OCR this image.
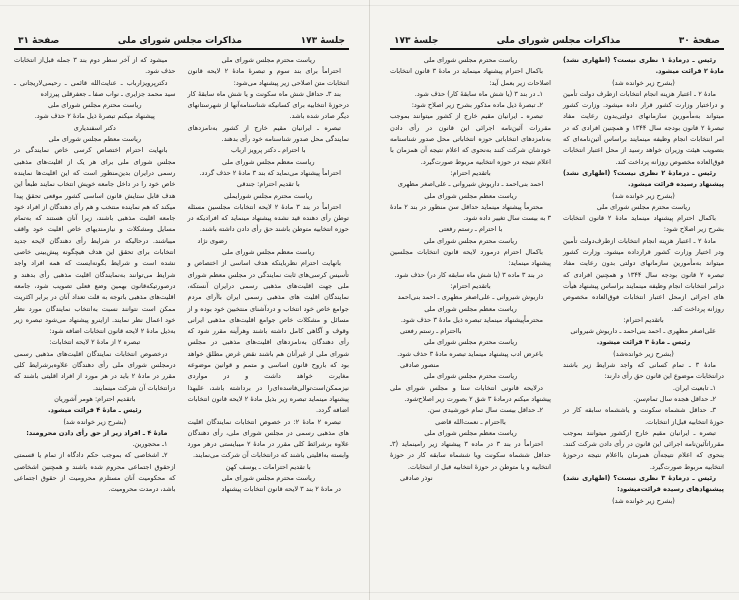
جلسهٔ ۱۷۳
مذاکرات مجلس شورای ملی
صفحهٔ ۳۱

ریاست محترم مجلس شورای ملی

احتراماً برای بند سوم و تبصرهٔ مادهٔ ۲ لایحه قانون انتخابات متن اصلاحی زیر پیشنهاد می‌شود:

بند ۳ـ حداقل شش ماه سکونت و یا شش ماه سابقهٔ کار درحوزهٔ انتخابیه برای کسانیکه شناسنامه‌آنها از شهرستانهای دیگر صادر شده باشد.

تبصره ـ ایرانیان مقیم خارج از کشور به‌نامزدهای نمایندگی محل صدور شناسنامه خود رأی بدهند.

با احترام ـ دکتر پرویز ارباب

ریاست معظم مجلس شورای ملی

احتراماً پیشنهاد می‌نماید که بند ۳ مادهٔ ۲ حذف گردد.

با تقدیم احترام: جندقی

ریاست محترم مجلس شورایملی

احتراماً در بند ۳ مادهٔ ۲ لایحه انتخابات مجلسین مسئله توطن رأی دهنده قید نشده پیشنهاد مینماید که افرادیکه در حوزه انتخابیه متوطن باشند حق رأی دادن داشته باشند.

رضوی نژاد

ریاست معظم مجلس شورای ملی

بانهایت احترام نظرباینکه هدف اساسی از اختصاص و تأسیس کرسی‌های ثابت نمایندگی در مجلس معظم شورای ملی جهت اقلیت‌های مذهبی رسمی درایران آنستکه، نمایندگان اقلیت های مذهبی رسمی ایران باآرای مردم جوامع خاص خود انتخاب و دردآشنای منتخبین خود بوده و از مسائل و مشکلات خاص جوامع اقلیت‌های مذهبی ایرانی وقوف و آگاهی کامل داشته باشند وهرآینه مقرر شود که رأی دهندگان به‌نامزدهای اقلیت‌های مذهبی در مجلس شورای ملی از غیرآنان هم باشند نقض غرض مطلق خواهد بود که باروح قانون اساسی و متمم و قوانین موضوعه مغایرت خواهد داشت و در مواردی نیزممکن‌است‌توالی‌فاسده‌ای‌را در برداشته باشد، علیهذا پیشنهاد مینماید تبصره زیر بذیل مادهٔ ۲ لایحه قانون انتخابات اضافه گردد.

تبصره ۲ مادهٔ ۲: در خصوص انتخابات نمایندگان اقلیت های مذهبی رسمی در مجلس شورای ملی، رأی دهندگان علاوه برشرائط کلی مقرر در مادهٔ ۲ میبایستی درهر مورد وابسته به‌اقلیتی باشند که درانتخابات آن شرکت می‌نمایند.

با تقدیم احترامات ـ یوسف کهن

ریاست محترم مجلس شورای ملی

در مادهٔ ۲ بند ۳ لایحه قانون انتخابات پیشنهاد

میشود که از آخر سطر دوم بند ۳ جمله قبل‌از انتخابات حذف شود.

دکترپرویزارباب ـ عنایت‌الله قائمی ـ رحیمی‌لاریجانی ـ سید محمد جزایری ـ نواب صفا ـ جعفرقلی پیرزاده

ریاست محترم مجلس شورای ملی

پیشنهاد میکنم تبصرهٔ ذیل مادهٔ ۲ حذف شود.

دکتر اسفندیاری

ریاست معظم مجلس شورای ملی

بانهایت احترام اختصاص کرسی خاص نمایندگی در مجلس شورای ملی برای هر یک از اقلیت‌های مذهبی رسمی درایران بدین‌منظور است که این اقلیت‌ها نماینده خاص خود را در داخل جامعه خویش انتخاب نمایند طبعاً این هدف قابل ستایش قانون اساسی کشور موقعی تحقق پیدا میکند که هم نماینده منتخب و هم رأی دهندگان از افراد خود جامعه اقلیت مذهبی باشند، زیرا آنان هستند که به‌تمام مسایل ومشکلات و نیازمندیهای خاص اقلیت خود واقف میباشند. درحالیکه در شرایط رأی دهندگان لایحه جدید انتخابات برای تحقق این هدف هیچگونه پیش‌بینی خاصی نشده است و شرایط بگونه‌ایست که همه افراد واجد شرایط می‌توانند به‌نمایندگان اقلیت مذهبی رأی بدهند و درصورتیکه‌قانون بهمین وضع فعلی تصویب شود، جامعه اقلیت‌های مذهبی باتوجه به قلت تعداد آنان در برابر اکثریت ممکن است نتوانند نسبت به‌انتخاب نمایندگان مورد نظر خود اعمال نظر نمایند. ازاینرو پیشنهاد می‌شود تبصره زیر به‌ذیل مادهٔ ۲ لایحه قانون انتخابات اضافه شود:

تبصره ۲ از مادهٔ ۲ لایحه انتخابات:

درخصوص انتخابات نمایندگان اقلیت‌های مذهبی رسمی درمجلس شورای ملی رأی دهندگان علاوه‌برشرایط کلی مقرر در مادهٔ ۲ باید در هر مورد از افراد اقلیتی باشند که درانتخابات آن شرکت مینمایند.

باتقدیم احترام: هومر آشوریان

رئیس ـ مادهٔ ۴ قرائت میشود.

(بشرح زیر خوانده شد)

مادهٔ ۴ ـ افراد زیر از حق رأی دادن محرومند:

۱ـ محجورین.

۲ـ اشخاصی که بموجب حکم دادگاه از تمام یا قسمتی ازحقوق اجتماعی محروم شده باشند و همچنین اشخاصی که محکومیت آنان مستلزم محرومیت از حقوق اجتماعی باشد، درمدت محرومیت.

صفحهٔ ۳۰
مذاکرات مجلس شورای ملی
جلسهٔ ۱۷۳

رئیس ـ درمادهٔ ۱ نظری نیست؟ (اظهاری نشد) مادهٔ ۲ قرائت میشود.

(بشرح زیر خوانده شد)

مادهٔ ۲ ـ اعتبار هزینه انجام انتخابات ازطرف دولت تأمین و دراختیار وزارت کشور قرار داده میشود. وزارت کشور میتواند به‌مأمورین سازمانهای دولتی‌بدون رعایت مفاد تبصرهٔ ۲ قانون بودجه سال ۱۳۴۴ و همچنین افرادی که در امر انتخابات انجام وظیفه مینمایند براساس آئین‌نامه‌ای که بتصویب هیئت وزیران خواهد رسید از محل اعتبار انتخابات فوق‌العاده مخصوص روزانه پرداخت کند.

رئیس ـ درمادهٔ ۲ نظری نیست؟ (اظهاری نشد) پیشنهاد رسیده قرائت میشود.

(بشرح زیر خوانده شد)

ریاست محترم مجلس شورای ملی

باکمال احترام پیشنهاد مینماید مادهٔ ۲ قانون انتخابات بشرح زیر اصلاح شود:

مادهٔ ۲ ـ اعتبار هزینه انجام انتخابات ازطرف‌دولت تأمین ودر اختیار وزارت کشور قرارداده میشود. وزارت کشور میتواند به‌مأمورین سازمانهای دولتی بدون رعایت مفاد تبصره ۲ قانون بودجه سال ۱۳۴۴ و همچنین افرادی که درامر انتخابات انجام وظیفه مینمایند براساس پیشنهاد هیأت های اجرائی ازمحل اعتبار انتخابات فوق‌العاده مخصوص روزانه پرداخت کند.

باتقدیم احترام:

علی‌اصغر مظهری ـ احمد بنی‌احمد ـ داریوش شیروانی

رئیس ـ مادهٔ ۳ قرائت میشود.

(بشرح زیر خوانده‌شد)

مادهٔ ۳ ـ تمام کسانی که واجد شرایط زیر باشند درانتخابات موضوع این قانون حق رأی دارند:

۱ـ تابعیت ایران.

۲ـ حداقل هجده سال تمام‌سن.

۳ـ حداقل ششماه سکونت و یاششماه سابقه کار در حوزهٔ انتخابیه قبل‌از انتخابات.

تبصره ـ ایرانیان مقیم خارج ازکشور میتوانند بموجب مقرراتآئین‌نامه اجرائی این قانون در رأی دادن شرکت کنند. بنحوی که اعلام نتیجه‌آن همزمان بااعلام نتیجه درحوزهٔ انتخابیه مربوط صورت‌گیرد.

رئیس ـ درمادهٔ ۳ نظری نیست؟ (اظهاری نشد) پیشنهادهای رسیده قرائت‌میشود:

(بشرح زیر خوانده شد)

ریاست محترم مجلس شورای ملی

باکمال احترام پیشنهاد مینماید در مادهٔ ۳ قانون انتخابات اصلاحات زیر بعمل آید:

۱ـ در بند ۳ (یا شش ماه سابقهٔ کار) حذف شود.

۲ـ تبصرهٔ ذیل ماده مذکور بشرح زیر اصلاح شود:

تبصره ـ ایرانیان مقیم خارج از کشور میتوانند بموجب مقررات آئین‌نامه اجرائی این قانون در رأی دادن به‌نامزدهای انتخاباتی حوزه انتخاباتی محل صدور شناسنامه خودشان شرکت کنند به‌نحوی که اعلام نتیجه آن همزمان با اعلام نتیجه در حوزه انتخابیه مربوط صورت‌گیرد.

باتقدیم احترام:

احمد بنی‌احمد ـ داریوش شیروانی ـ علی‌اصغر مظهری

ریاست معظم مجلس شورای ملی

محترماً پیشنهاد مینماید حداقل سن منظور در بند ۲ مادهٔ ۳ به بیست سال تغییر داده شود.

با احترام ـ رستم رفعتی

ریاست محترم مجلس شورای ملی

باکمال احترام درمورد لایحه قانون انتخابات مجلسین پیشنهاد مینماید:

در بند ۳ ماده ۳ (یا شش ماه سابقه کار در) حذف شود.

باتقدیم احترام:

داریوش شیروانی ـ علی‌اصغر مظهری ـ احمد بنی‌احمد

ریاست معظم مجلس شورای ملی

محترماًپیشنهاد مینماید تبصره ذیل مادهٔ ۳ حذف شود.

بااحترام ـ رستم رفعتی

ریاست محترم مجلس شورای ملی

باعرض ادب پیشنهاد مینماید تبصره مادهٔ ۳ حذف شود.

منصور صادقی

ریاست محترم مجلس شورای ملی

درلایحه قانونی انتخابات سنا و مجلس شورای ملی پیشنهاد میکنم درمادهٔ ۳ شق ۲ بصورت زیر اصلاح‌شود.

۲ـ حداقل بیست سال تمام خورشیدی سن.

بااحترام ـ نعمت‌الله قاضی

ریاست معظم مجلس شورای ملی

احتراماً در بند ۳ در ماده ۳ پیشنهاد زیر رامینماید (۳ـ حداقل ششماه سکونت ویا ششماه سابقه کار در حوزهٔ انتخابیه و یا متوطن در حوزهٔ انتخابیه قبل از انتخابات.

نوذر صادقی
